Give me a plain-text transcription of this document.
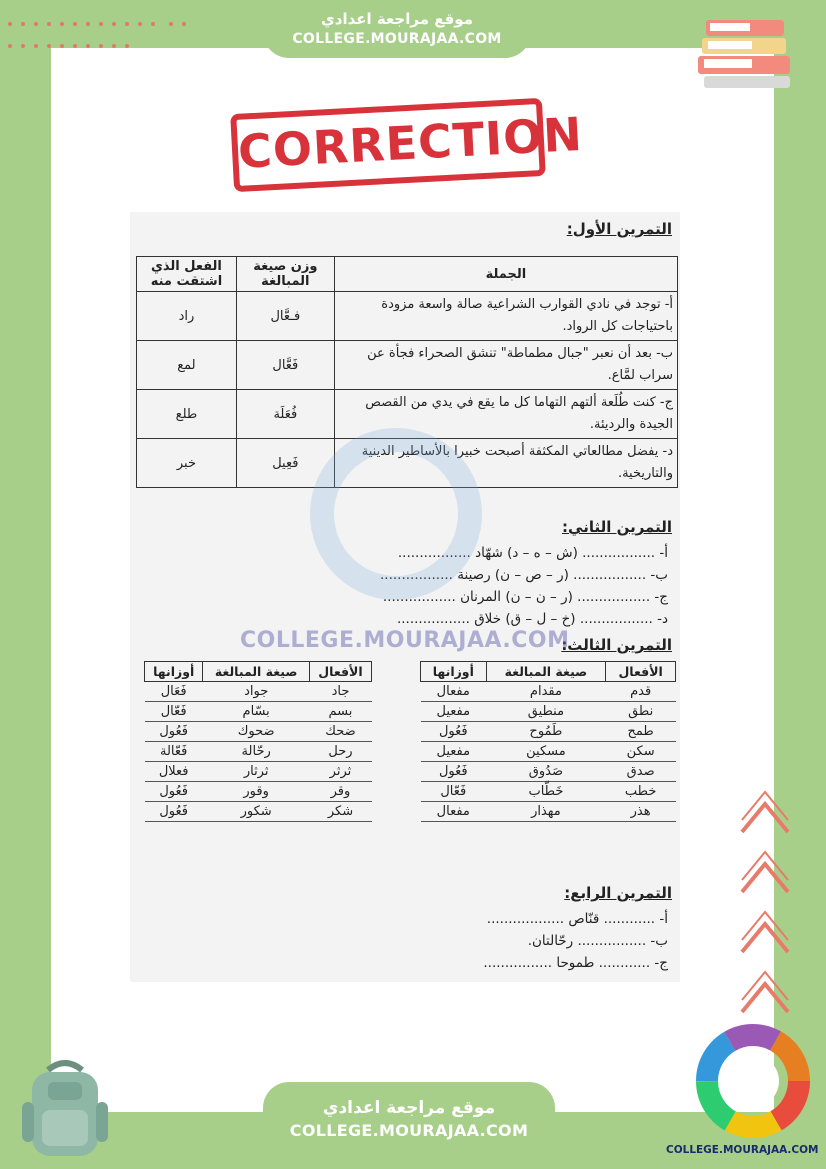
موقع مراجعة اعدادي
COLLEGE.MOURAJAA.COM
CORRECTION
التمرين الأول:
الجملة	وزن صيغة المبالغة	الفعل الذي اشتقت منه
أ- توجد في نادي القوارب الشراعية صالة واسعة مزودة باحتياجات كل الرواد.	فـعَّال	راد
ب- بعد أن نعبر "جبال مطماطة" تنشق الصحراء فجأة عن سراب لمَّاع.	فَعَّال	لمع
ج- كنت طُلَعة ألتهم التهاما كل ما يقع في يدي من القصص الجيدة والرديئة.	فُعَلَة	طلع
د- يفضل مطالعاتي المكثفة أصبحت خبيرا بالأساطير الدينية والتاريخية.	فَعِيل	خبر
التمرين الثاني:
أ- ................. (ش – ه – د) شهّاد .................
ب- ................. (ر – ص – ن) رصينة .................
ج- ................. (ر – ن – ن) المرنان .................
د- ................. (خ – ل – ق) خلاق .................
التمرين الثالث:
الأفعال	صيغة المبالغة	أوزانها
قدم	مقدام	مفعال
نطق	منطيق	مفعيل
طمح	طَمُوح	فَعُول
سكن	مسكين	مفعيل
صدق	صَدُوق	فَعُول
خطب	خَطّاب	فَعّال
هذر	مهذار	مفعال
الأفعال	صيغة المبالغة	أوزانها
جاد	جواد	فَعَال
بسم	بسّام	فَعّال
ضحك	ضحوك	فَعُول
رحل	رحّالة	فَعّالة
ثرثر	ثرثار	فعلال
وقر	وقور	فَعُول
شكر	شكور	فَعُول
التمرين الرابع:
أ- ............ قنّاص ..................
ب- ................ رحّالتان.
ج- ............ طموحا ................
COLLEGE.MOURAJAA.COM
موقع مراجعة اعدادي
COLLEGE.MOURAJAA.COM
COLLEGE.MOURAJAA.COM
